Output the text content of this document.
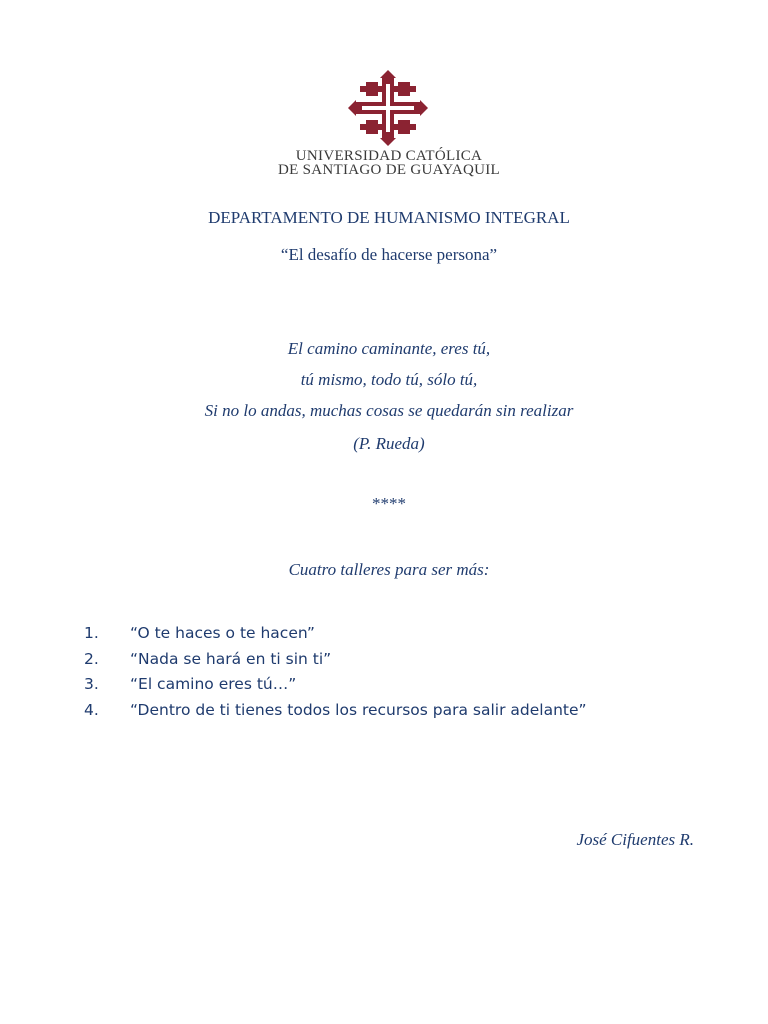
UNIVERSIDAD CATÓLICA
DE SANTIAGO DE GUAYAQUIL
DEPARTAMENTO DE HUMANISMO INTEGRAL
“El desafío de hacerse persona”
El camino caminante, eres tú,
tú mismo, todo tú, sólo tú,
Si no lo andas, muchas cosas se quedarán sin realizar
(P. Rueda)
****
Cuatro talleres para ser más:
1.	“O te haces o te hacen”
2.	“Nada se hará en ti sin ti”
3.	“El camino eres tú…”
4.	“Dentro de ti tienes todos los recursos para salir adelante”
José Cifuentes R.
